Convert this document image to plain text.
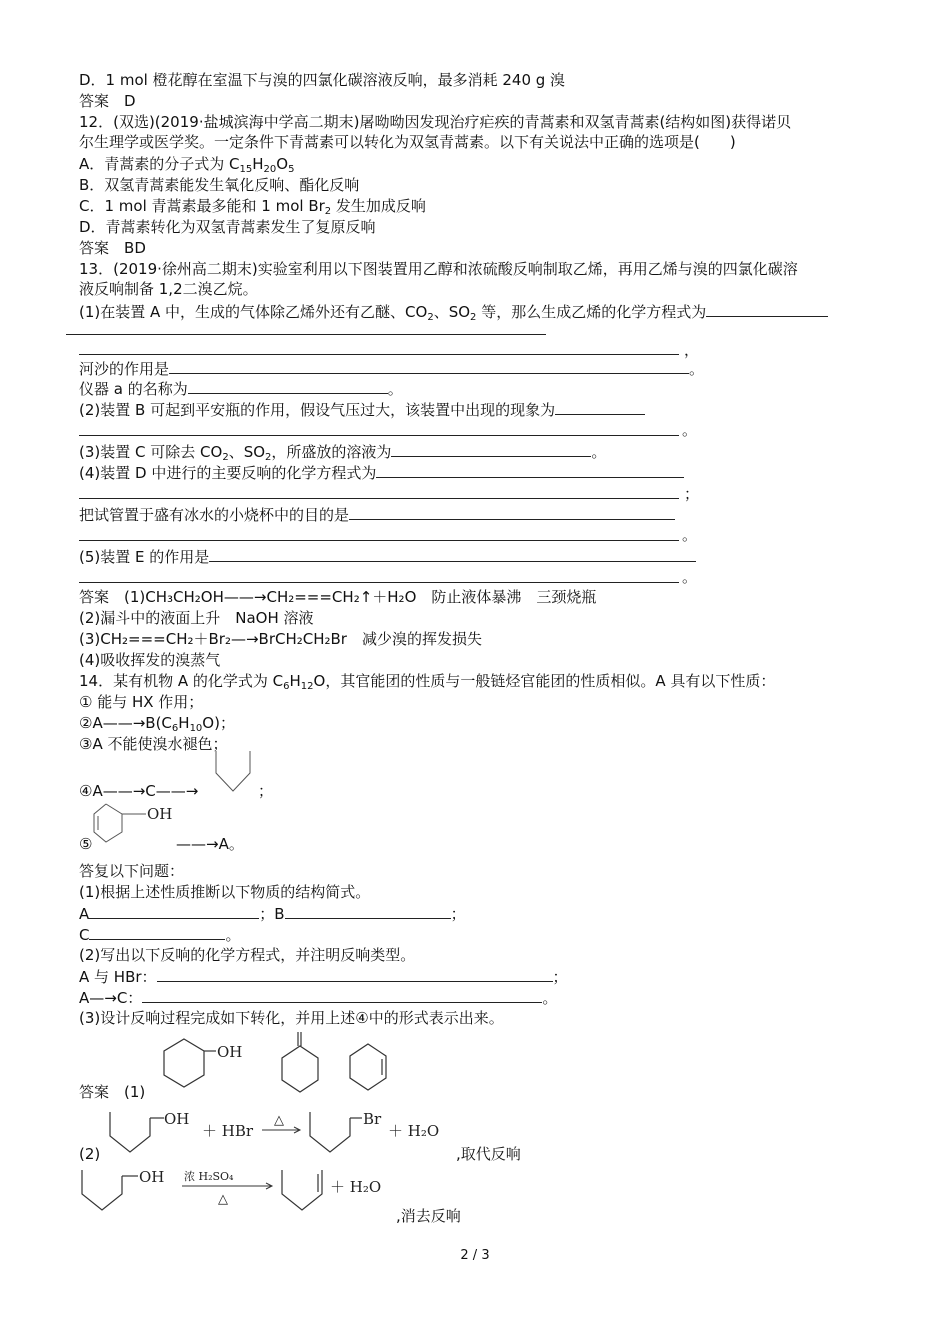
D．1 mol 橙花醇在室温下与溴的四氯化碳溶液反响，最多消耗 240 g 溴
答案　 D
12．(双选)(2019·盐城滨海中学高二期末)屠呦呦因发现治疗疟疾的青蒿素和双氢青蒿素(结构如图)获得诺贝
尔生理学或医学奖。一定条件下青蒿素可以转化为双氢青蒿素。以下有关说法中正确的选项是(　　)
A．青蒿素的分子式为 $C_{15}H_{20}O_5$
B．双氢青蒿素能发生氧化反响、酯化反响
C．1 mol 青蒿素最多能和 1 mol $Br_2$ 发生加成反响
D．青蒿素转化为双氢青蒿素发生了复原反响
答案　 BD
13．(2019·徐州高二期末)实验室利用以下图装置用乙醇和浓硫酸反响制取乙烯，再用乙烯与溴的四氯化碳溶
液反响制备 1,2二溴乙烷。
(1)在装置 A 中，生成的气体除乙烯外还有乙醚、$CO_2$、$SO_2$ 等，那么生成乙烯的化学方程式为
，
河沙的作用是	。
仪器 a 的名称为	。
(2)装置 B 可起到平安瓶的作用，假设气压过大，该装置中出现的现象为
。
(3)装置 C 可除去 $CO_2$、$SO_2$，所盛放的溶液为	。
(4)装置 D 中进行的主要反响的化学方程式为
；
把试管置于盛有冰水的小烧杯中的目的是
。
(5)装置 E 的作用是
。
答案　 (1)CH₃CH₂OH——→CH₂===CH₂↑＋H₂O　防止液体暴沸　三颈烧瓶
(2)漏斗中的液面上升　NaOH 溶液
(3)CH₂===CH₂＋Br₂—→BrCH₂CH₂Br　减少溴的挥发损失
(4)吸收挥发的溴蒸气
14．某有机物 A 的化学式为 $C_6H_{12}O$，其官能团的性质与一般链烃官能团的性质相似。A 具有以下性质：
① 能与 HX 作用；
$②A——\to B(C_6H_{10}O)$；
③A 不能使溴水褪色；
④A——→C——→	；
OH
⑤	——→A。
答复以下问题：
(1)根据上述性质推断以下物质的结构简式。
A	；B	；
C	。
(2)写出以下反响的化学方程式，并注明反响类型。
A 与 HBr：	；
A—→C：	。
(3)设计反响过程完成如下转化，并用上述④中的形式表示出来。
答案　 (1)
OH
(2)
OH
＋ HBr
△	Br
＋ H₂O
,取代反响
OH 浓 H₂SO₄
△
＋ H₂O
,消去反响
2 / 3
